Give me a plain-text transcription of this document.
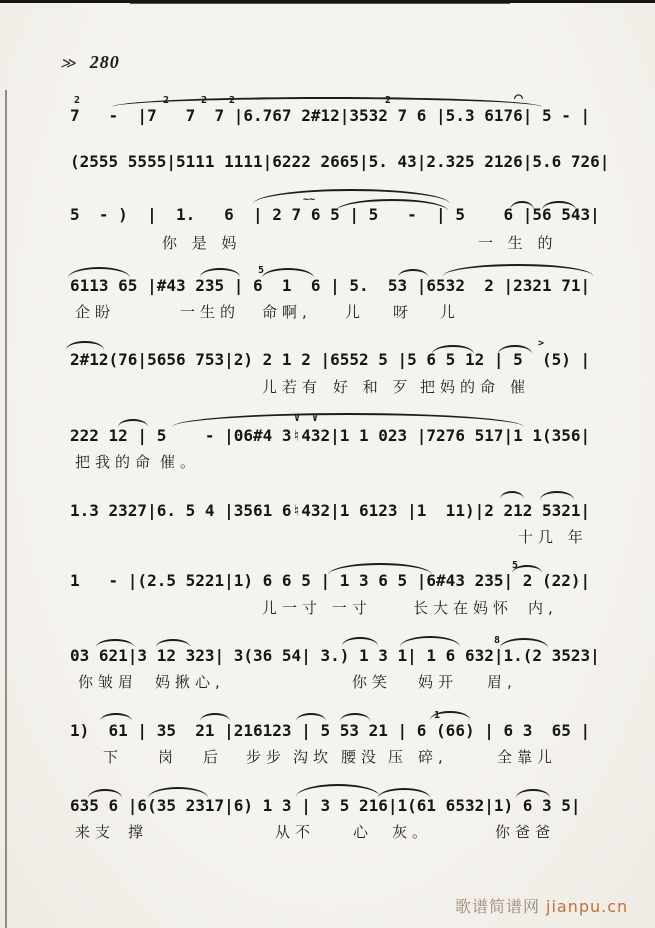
≫ 280
2	2	2 2	2	⌒
~~
5
>
∨ ∨
5
8
1
7   -  |7   7  7 |6.767 2#12|3532 7 6 |5.3 6176| 5 - |
(2555 5555|5111 1111|6222 2665|5. 43|2.325 2126|5.6 726|
5  - )  |  1.   6  | 2 7 6 5 | 5   -  | 5    6 |56 543|
6113 65 |#43 235 | 6  1  6 | 5.  53 |6532  2 |2321 71|
2#12(76|5656 753|2) 2 1 2 |6552 5 |5 6 5 12 | 5  (5) |
222 12 | 5    - |06#4 3♮432|1 1 023 |7276 517|1 1(356|
1.3 2327|6. 5 4 |3561 6♮432|1 6123 |1  11)|2 212 5321|
1   - |(2.5 5221|1) 6 6 5 | 1 3 6 5 |6#43 235| 2 (22)|
03 621|3 12 323| 3(36 54| 3.) 1 3 1| 1 6 632|1.(2 3523|
1)  61 | 35  21 |216123 | 5 53 21 | 6 (66) | 6 3  65 |
635 6 |6(35 2317|6) 1 3 | 3 5 216|1(61 6532|1) 6 3 5|
你 是 妈	一 生 的
企盼	一生的 命啊, 儿 呀 儿
儿若有 好 和 歹 把妈的命 催
把我的命 催。
十几 年
儿一寸 一寸	长大在妈怀 内,
你皱眉 妈揪心,	你笑 妈开 眉,
下 岗 后 步步 沟坎 腰没 压 碎,	全靠儿
来支 撑	从不	心 灰。	你爸爸
歌谱简谱网 jianpu.cn
